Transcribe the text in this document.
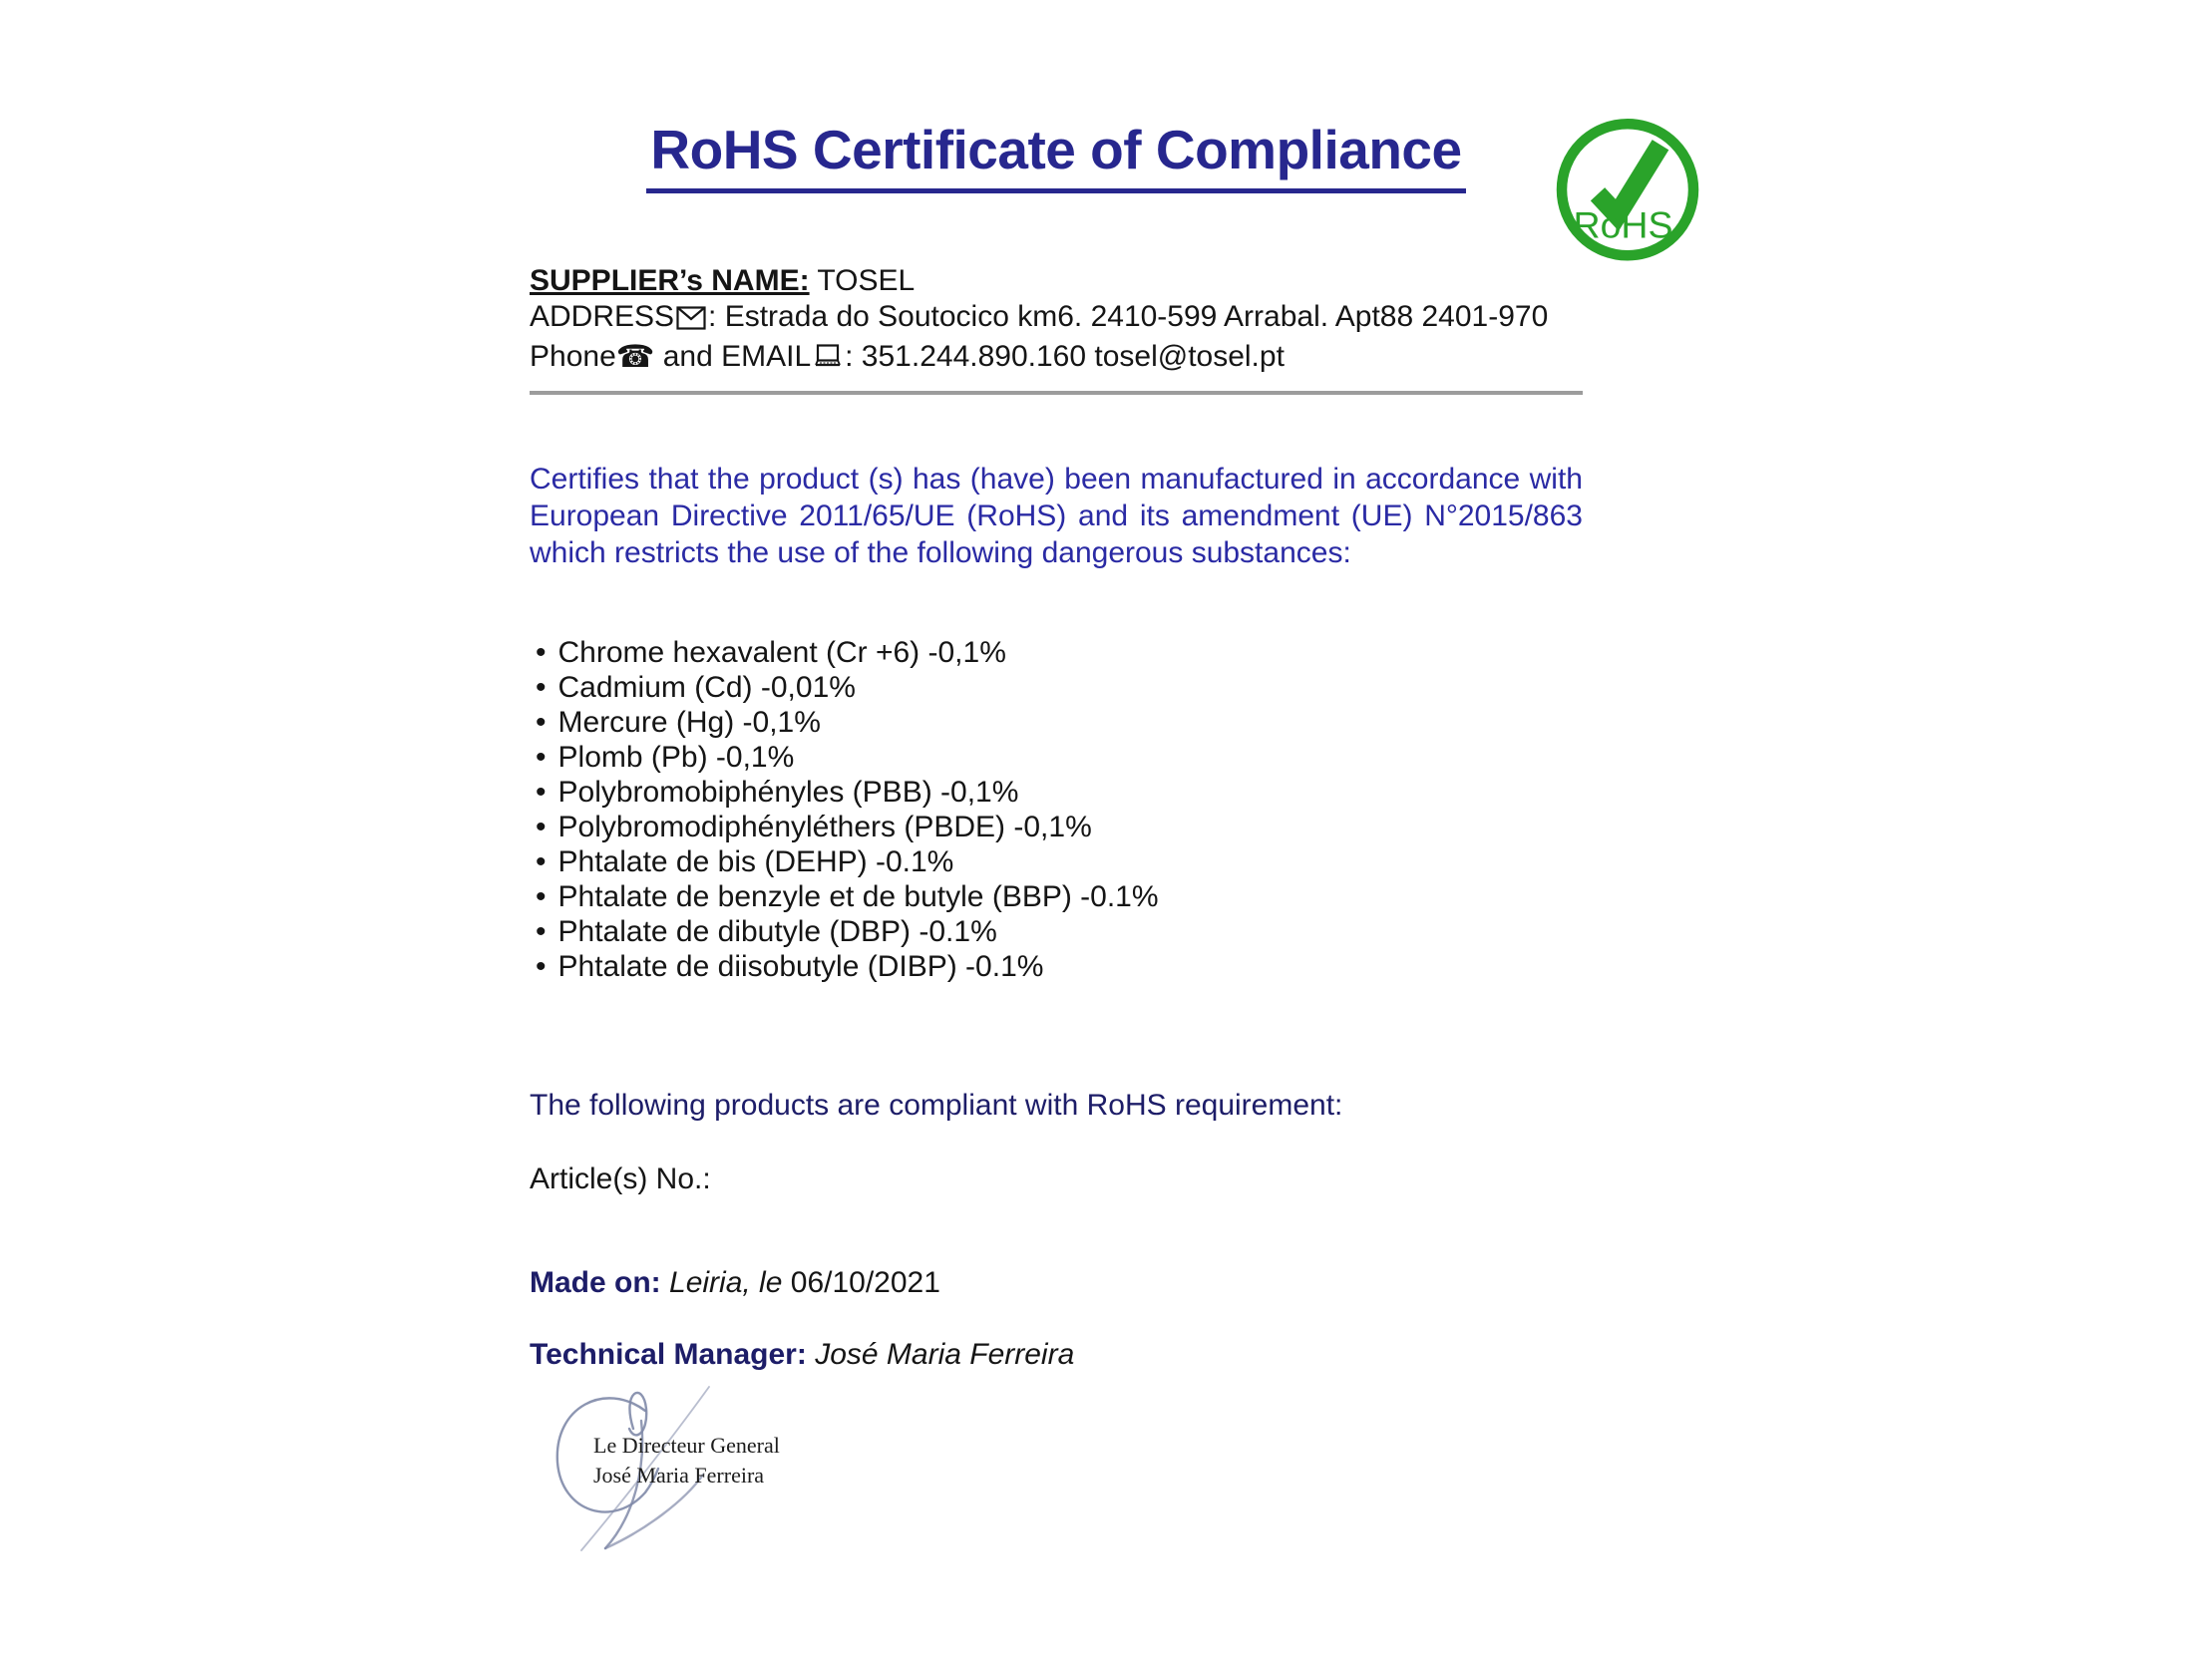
RoHS
RoHS Certificate of Compliance
SUPPLIER’s NAME: TOSEL
ADDRESS : Estrada do Soutocico km6. 2410-599 Arrabal. Apt88 2401-970
Phone☎ and EMAIL : 351.244.890.160 tosel@tosel.pt

Certifies that the product (s) has (have) been manufactured in accordance with European Directive 2011/65/UE (RoHS) and its amendment (UE) N°2015/863 which restricts the use of the following dangerous substances:

• Chrome hexavalent (Cr +6) -0,1%
• Cadmium (Cd) -0,01%
• Mercure (Hg) -0,1%
• Plomb (Pb) -0,1%
• Polybromobiphényles (PBB) -0,1%
• Polybromodiphényléthers (PBDE) -0,1%
• Phtalate de bis (DEHP) -0.1%
• Phtalate de benzyle et de butyle (BBP) -0.1%
• Phtalate de dibutyle (DBP) -0.1%
• Phtalate de diisobutyle (DIBP) -0.1%

The following products are compliant with RoHS requirement:

Article(s) No.:

Made on: Leiria, le 06/10/2021

Technical Manager: José Maria Ferreira

Le Directeur General
José Maria Ferreira
